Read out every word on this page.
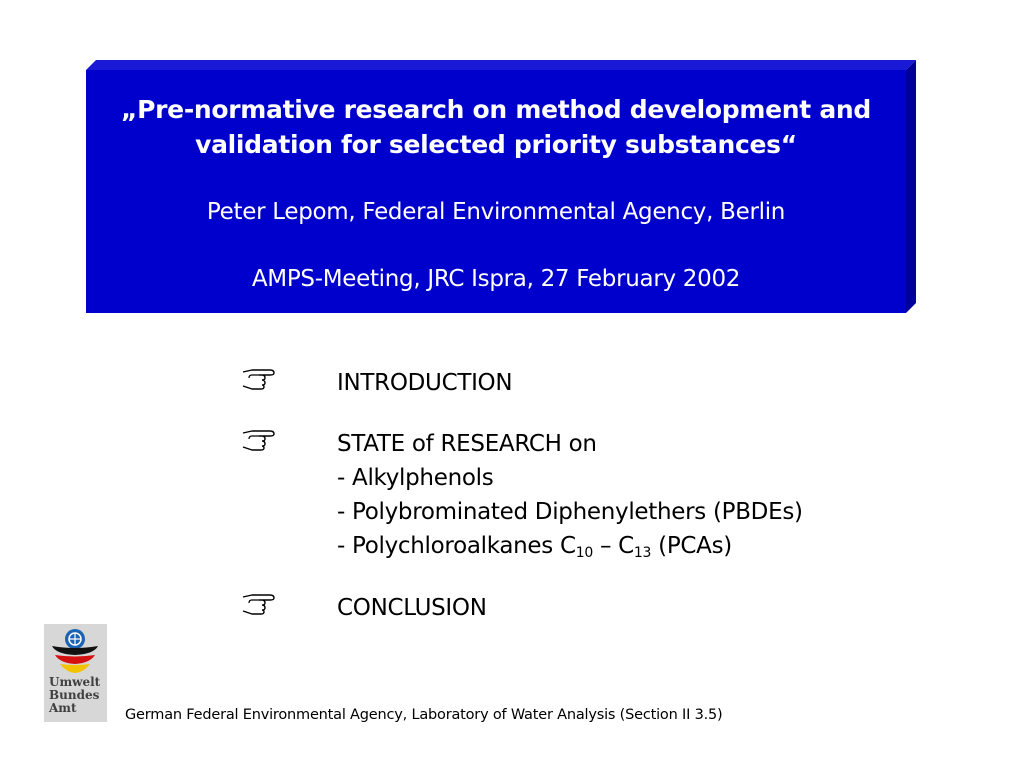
„Pre-normative research on method development and
validation for selected priority substances“
Peter Lepom, Federal Environmental Agency, Berlin
AMPS-Meeting, JRC Ispra, 27 February 2002
INTRODUCTION
STATE of RESEARCH on
- Alkylphenols
- Polybrominated Diphenylethers (PBDEs)
- Polychloroalkanes $C_{10} - C_{13}$ (PCAs)
CONCLUSION
Umwelt
Bundes
Amt	German Federal Environmental Agency, Laboratory of Water Analysis (Section II 3.5)
